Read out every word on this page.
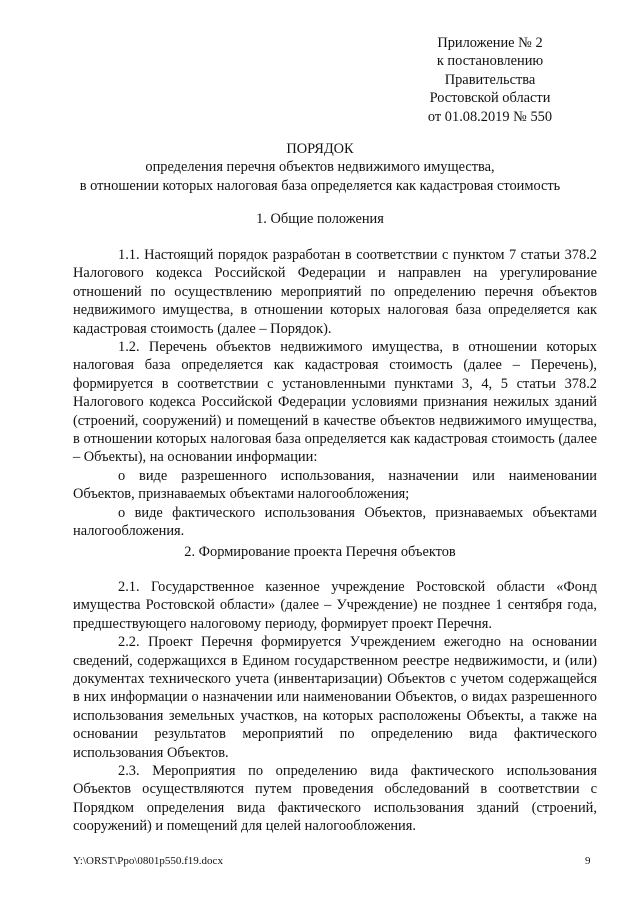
Приложение № 2
к постановлению
Правительства
Ростовской области
от 01.08.2019 № 550
ПОРЯДОК
определения перечня объектов недвижимого имущества,
в отношении которых налоговая база определяется как кадастровая стоимость
1. Общие положения

1.1. Настоящий порядок разработан в соответствии с пунктом 7 статьи 378.2 Налогового кодекса Российской Федерации и направлен на урегулирование отношений по осуществлению мероприятий по определению перечня объектов недвижимого имущества, в отношении которых налоговая база определяется как кадастровая стоимость (далее – Порядок).

1.2. Перечень объектов недвижимого имущества, в отношении которых налоговая база определяется как кадастровая стоимость (далее – Перечень), формируется в соответствии с установленными пунктами 3, 4, 5 статьи 378.2 Налогового кодекса Российской Федерации условиями признания нежилых зданий (строений, сооружений) и помещений в качестве объектов недвижимого имущества, в отношении которых налоговая база определяется как кадастровая стоимость (далее – Объекты), на основании информации:

о виде разрешенного использования, назначении или наименовании Объектов, признаваемых объектами налогообложения;

о виде фактического использования Объектов, признаваемых объектами налогообложения.

2. Формирование проекта Перечня объектов

2.1. Государственное казенное учреждение Ростовской области «Фонд имущества Ростовской области» (далее – Учреждение) не позднее 1 сентября года, предшествующего налоговому периоду, формирует проект Перечня.

2.2. Проект Перечня формируется Учреждением ежегодно на основании сведений, содержащихся в Едином государственном реестре недвижимости, и (или) документах технического учета (инвентаризации) Объектов с учетом содержащейся в них информации о назначении или наименовании Объектов, о видах разрешенного использования земельных участков, на которых расположены Объекты, а также на основании результатов мероприятий по определению вида фактического использования Объектов.

2.3. Мероприятия по определению вида фактического использования Объектов осуществляются путем проведения обследований в соответствии с Порядком определения вида фактического использования зданий (строений, сооружений) и помещений для целей налогообложения.

Y:\ORST\Ppo\0801p550.f19.docx	9
